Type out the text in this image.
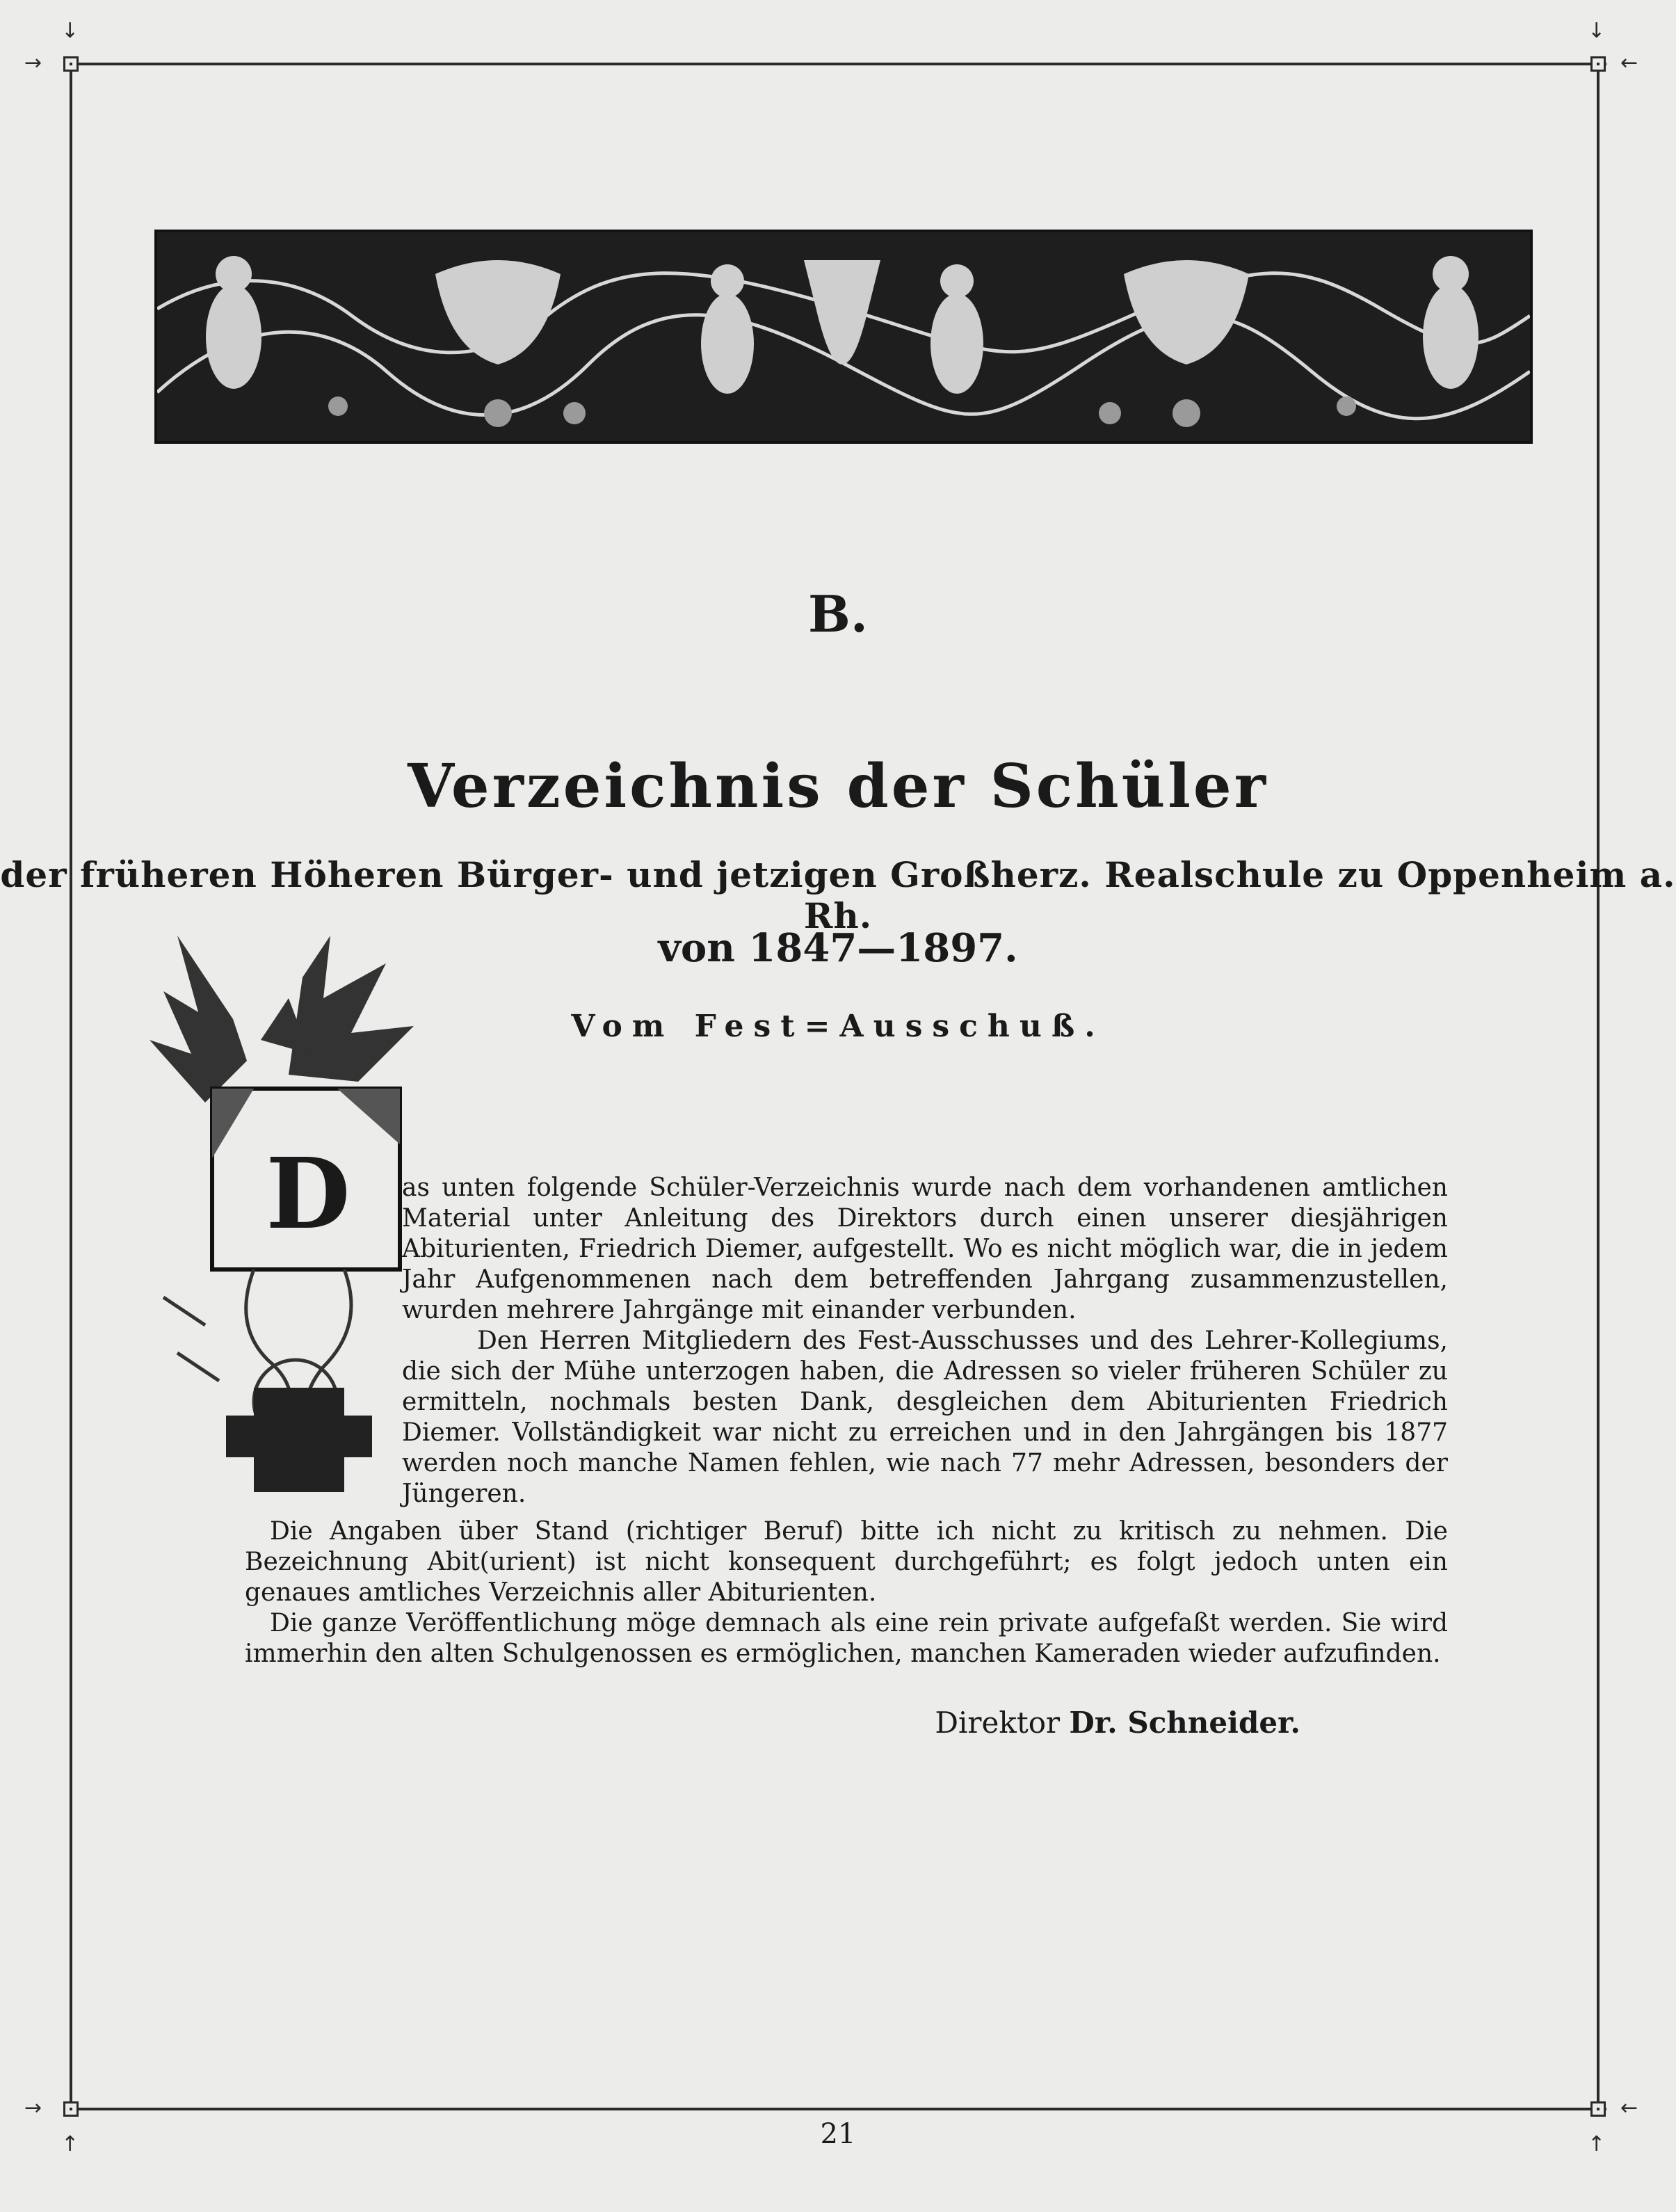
→
↓
←
↓
→
↑
←
↑
B.
Verzeichnis der Schüler
der früheren Höheren Bürger- und jetzigen Großherz. Realschule zu Oppenheim a. Rh.
von 1847—1897.
Vom Fest=Ausschuß.
D as unten folgende Schüler-Verzeichnis wurde nach dem vorhandenen amtlichen Material unter Anleitung des Direktors durch einen unserer diesjährigen Abiturienten, Friedrich Diemer, aufgestellt. Wo es nicht möglich war, die in jedem Jahr Aufgenommenen nach dem betreffenden Jahrgang zusammenzustellen, wurden mehrere Jahrgänge mit einander verbunden.

Den Herren Mitgliedern des Fest-Ausschusses und des Lehrer-Kollegiums, die sich der Mühe unterzogen haben, die Adressen so vieler früheren Schüler zu ermitteln, nochmals besten Dank, desgleichen dem Abiturienten Friedrich Diemer. Vollständigkeit war nicht zu erreichen und in den Jahrgängen bis 1877 werden noch manche Namen fehlen, wie nach 77 mehr Adressen, besonders der Jüngeren.

Die Angaben über Stand (richtiger Beruf) bitte ich nicht zu kritisch zu nehmen. Die Bezeichnung Abit(urient) ist nicht konsequent durchgeführt; es folgt jedoch unten ein genaues amtliches Verzeichnis aller Abiturienten.

Die ganze Veröffentlichung möge demnach als eine rein private aufgefaßt werden. Sie wird immerhin den alten Schulgenossen es ermöglichen, manchen Kameraden wieder aufzufinden.

Direktor Dr. Schneider.
21
